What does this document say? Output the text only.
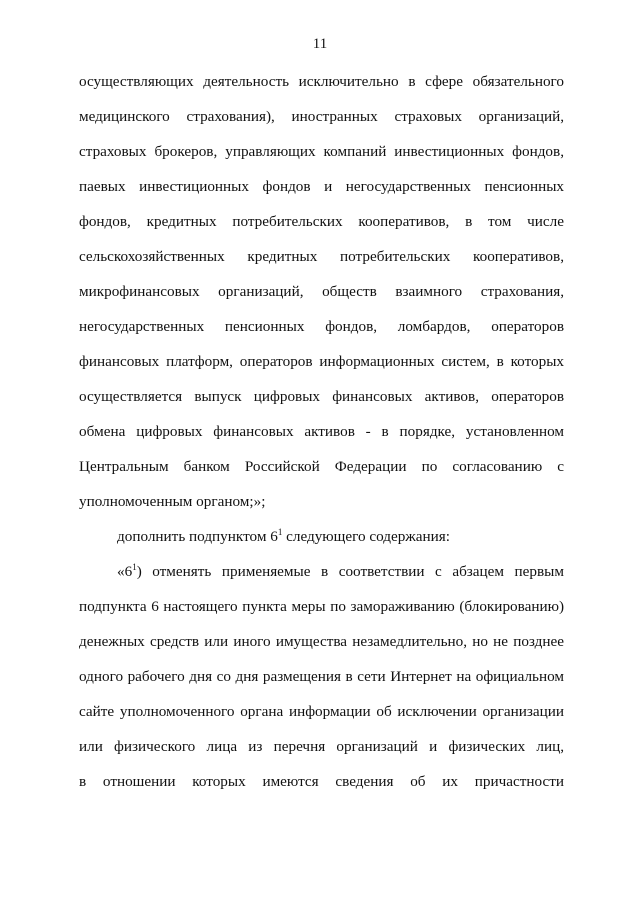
11
осуществляющих деятельность исключительно в сфере обязательного
медицинского страхования), иностранных страховых организаций,
страховых брокеров, управляющих компаний инвестиционных фондов,
паевых инвестиционных фондов и негосударственных пенсионных
фондов, кредитных потребительских кооперативов, в том числе
сельскохозяйственных кредитных потребительских кооперативов,
микрофинансовых организаций, обществ взаимного страхования,
негосударственных пенсионных фондов, ломбардов, операторов
финансовых платформ, операторов информационных систем, в которых
осуществляется выпуск цифровых финансовых активов, операторов
обмена цифровых финансовых активов - в порядке, установленном
Центральным банком Российской Федерации по согласованию с
уполномоченным органом;»;
дополнить подпунктом $6^1$ следующего содержания:
«$6^1$) отменять применяемые в соответствии с абзацем первым
подпункта 6 настоящего пункта меры по замораживанию (блокированию)
денежных средств или иного имущества незамедлительно, но не позднее
одного рабочего дня со дня размещения в сети Интернет на официальном
сайте уполномоченного органа информации об исключении организации
или физического лица из перечня организаций и физических лиц,
в отношении которых имеются сведения об их причастности
